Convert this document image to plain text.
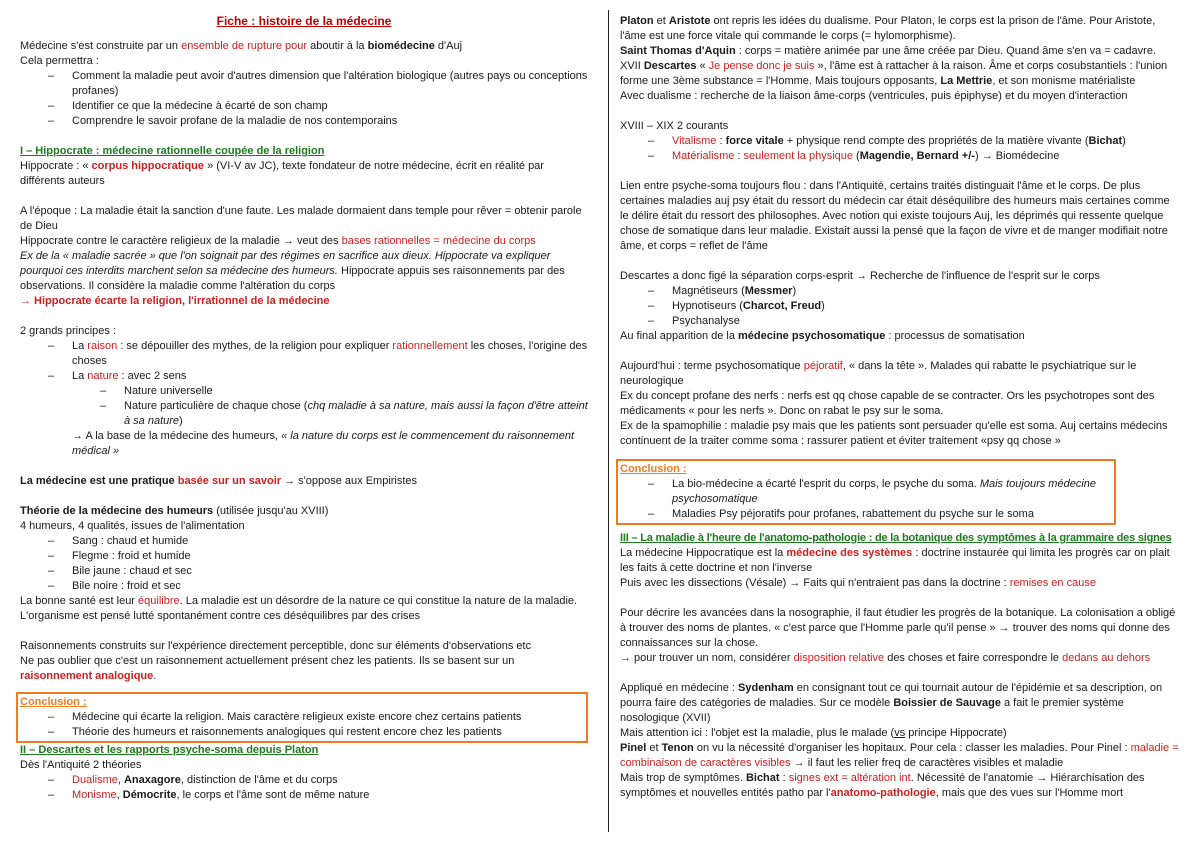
Fiche : histoire de la médecine

Médecine s'est construite par un ensemble de rupture pour aboutir à la biomédecine d'Auj

Cela permettra :

– Comment la maladie peut avoir d'autres dimension que l'altération biologique (autres pays ou conceptions profanes)
– Identifier ce que la médecine à écarté de son champ
– Comprendre le savoir profane de la maladie de nos contemporains

I – Hippocrate : médecine rationnelle coupée de la religion

Hippocrate : « corpus hippocratique » (VI-V av JC), texte fondateur de notre médecine, écrit en réalité par différents auteurs

A l'époque : La maladie était la sanction d'une faute. Les malade dormaient dans temple pour rêver = obtenir parole de Dieu

Hippocrate contre le caractère religieux de la maladie → veut des bases rationnelles = médecine du corps

Ex de la « maladie sacrée » que l'on soignait par des régimes en sacrifice aux dieux. Hippocrate va expliquer pourquoi ces interdits marchent selon sa médecine des humeurs. Hippocrate appuis ses raisonnements par des observations. Il considère la maladie comme l'altération du corps

→ Hippocrate écarte la religion, l'irrationnel de la médecine

2 grands principes :

– La raison : se dépouiller des mythes, de la religion pour expliquer rationnellement les choses, l'origine des choses
– La nature : avec 2 sens
– Nature universelle
– Nature particulière de chaque chose (chq maladie à sa nature, mais aussi la façon d'être atteint à sa nature)

→ A la base de la médecine des humeurs, « la nature du corps est le commencement du raisonnement médical »

La médecine est une pratique basée sur un savoir → s'oppose aux Empiristes

Théorie de la médecine des humeurs (utilisée jusqu'au XVIII)

4 humeurs, 4 qualités, issues de l'alimentation

– Sang : chaud et humide
– Flegme : froid et humide
– Bile jaune : chaud et sec
– Bile noire : froid et sec

La bonne santé est leur équilibre. La maladie est un désordre de la nature ce qui constitue la nature de la maladie. L'organisme est pensé lutté spontanément contre ces déséquilibres par des crises

Raisonnements construits sur l'expérience directement perceptible, donc sur éléments d'observations etc

Ne pas oublier que c'est un raisonnement actuellement présent chez les patients. Ils se basent sur un raisonnement analogique.

Conclusion :

– Médecine qui écarte la religion. Mais caractère religieux existe encore chez certains patients
– Théorie des humeurs et raisonnements analogiques qui restent encore chez les patients

II – Descartes et les rapports psyche-soma depuis Platon

Dès l'Antiquité 2 théories

– Dualisme, Anaxagore, distinction de l'âme et du corps
– Monisme, Démocrite, le corps et l'âme sont de même nature

Platon et Aristote ont repris les idées du dualisme. Pour Platon, le corps est la prison de l'âme. Pour Aristote, l'âme est une force vitale qui commande le corps (= hylomorphisme).

Saint Thomas d'Aquin : corps = matière animée par une âme créée par Dieu. Quand âme s'en va = cadavre.

XVII Descartes « Je pense donc je suis », l'âme est à rattacher à la raison. Âme et corps cosubstantiels : l'union forme une 3ème substance = l'Homme. Mais toujours opposants, La Mettrie, et son monisme matérialiste

Avec dualisme : recherche de la liaison âme-corps (ventricules, puis épiphyse) et du moyen d'interaction

XVIII – XIX 2 courants

– Vitalisme : force vitale + physique rend compte des propriétés de la matière vivante (Bichat)
– Matérialisme : seulement la physique (Magendie, Bernard +/-) → Biomédecine

Lien entre psyche-soma toujours flou : dans l'Antiquité, certains traités distinguait l'âme et le corps. De plus certaines maladies auj psy était du ressort du médecin car était déséquilibre des humeurs mais certaines comme le délire était du ressort des philosophes. Avec notion qui existe toujours Auj, les déprimés qui ressente quelque chose de somatique dans leur maladie. Existait aussi la pensé que la façon de vivre et de manger modifiait notre âme, et corps = reflet de l'âme

Descartes a donc figé la séparation corps-esprit → Recherche de l'influence de l'esprit sur le corps

– Magnétiseurs (Messmer)
– Hypnotiseurs (Charcot, Freud)
– Psychanalyse

Au final apparition de la médecine psychosomatique : processus de somatisation

Aujourd'hui : terme psychosomatique péjoratif, « dans la tête ». Malades qui rabatte le psychiatrique sur le neurologique

Ex du concept profane des nerfs : nerfs est qq chose capable de se contracter. Ors les psychotropes sont des médicaments « pour les nerfs ». Donc on rabat le psy sur le soma.

Ex de la spamophilie : maladie psy mais que les patients sont persuader qu'elle est soma. Auj certains médecins continuent de la traiter comme soma : rassurer patient et éviter traitement «psy qq chose »

Conclusion :

– La bio-médecine a écarté l'esprit du corps, le psyche du soma. Mais toujours médecine psychosomatique
– Maladies Psy péjoratifs pour profanes, rabattement du psyche sur le soma

III – La maladie à l'heure de l'anatomo-pathologie : de la botanique des symptômes à la grammaire des signes

La médecine Hippocratique est la médecine des systèmes : doctrine instaurée qui limita les progrès car on plait les faits à cette doctrine et non l'inverse

Puis avec les dissections (Vésale) → Faits qui n'entraient pas dans la doctrine : remises en cause

Pour décrire les avancées dans la nosographie, il faut étudier les progrès de la botanique. La colonisation a obligé à trouver des noms de plantes. « c'est parce que l'Homme parle qu'il pense » → trouver des noms qui donne des connaissances sur la chose.

→ pour trouver un nom, considérer disposition relative des choses et faire correspondre le dedans au dehors

Appliqué en médecine : Sydenham en consignant tout ce qui tournait autour de l'épidémie et sa description, on pourra faire des catégories de maladies. Sur ce modèle Boissier de Sauvage a fait le premier système nosologique (XVII)

Mais attention ici : l'objet est la maladie, plus le malade (vs principe Hippocrate)

Pinel et Tenon on vu la nécessité d'organiser les hopitaux. Pour cela : classer les maladies. Pour Pinel : maladie = combinaison de caractères visibles → il faut les relier freq de caractères visibles et maladie

Mais trop de symptômes. Bichat : signes ext = altération int. Nécessité de l'anatomie → Hiérarchisation des symptômes et nouvelles entités patho par l'anatomo-pathologie, mais que des vues sur l'Homme mort
